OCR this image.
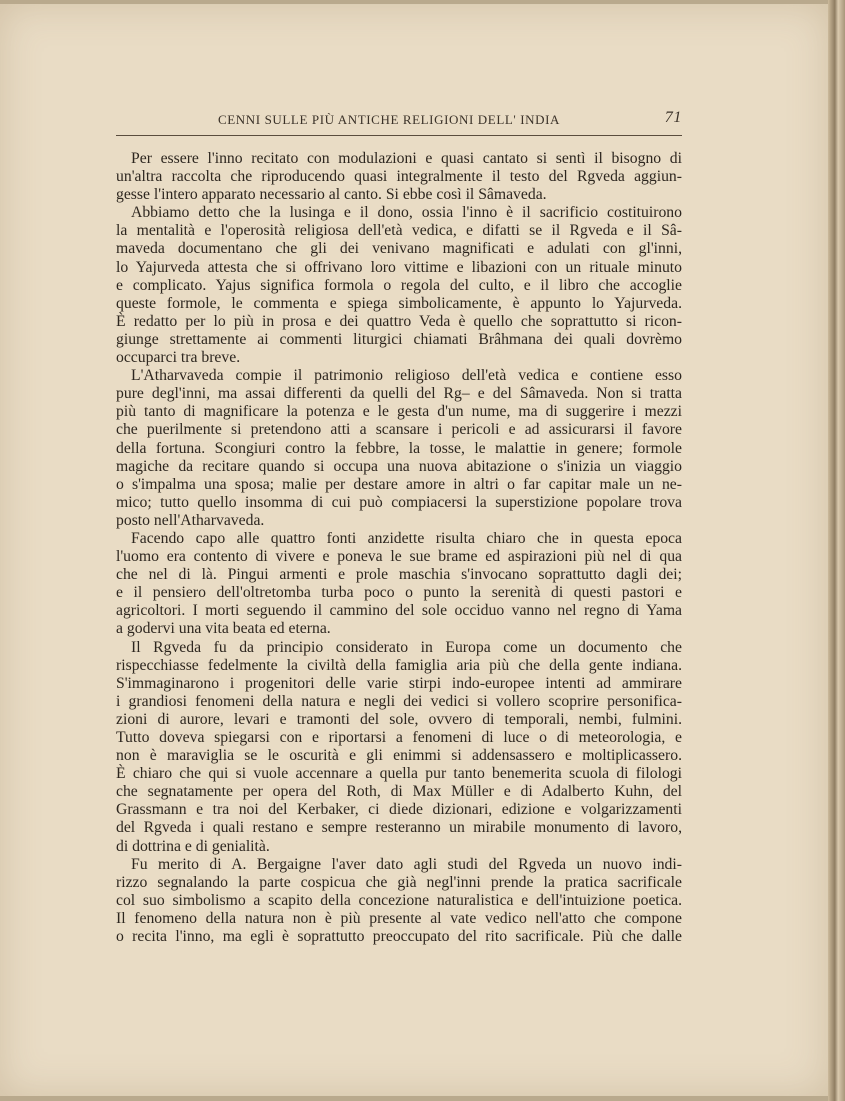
CENNI SULLE PIÙ ANTICHE RELIGIONI DELL' INDIA	71
Per essere l'inno recitato con modulazioni e quasi cantato si sentì il bisogno di
un'altra raccolta che riproducendo quasi integralmente il testo del Rgveda aggiun-
gesse l'intero apparato necessario al canto. Si ebbe così il Sâmaveda.
Abbiamo detto che la lusinga e il dono, ossia l'inno è il sacrificio costituirono
la mentalità e l'operosità religiosa dell'età vedica, e difatti se il Rgveda e il Sâ-
maveda documentano che gli dei venivano magnificati e adulati con gl'inni,
lo Yajurveda attesta che si offrivano loro vittime e libazioni con un rituale minuto
e complicato. Yajus significa formola o regola del culto, e il libro che accoglie
queste formole, le commenta e spiega simbolicamente, è appunto lo Yajurveda.
È redatto per lo più in prosa e dei quattro Veda è quello che soprattutto si ricon-
giunge strettamente ai commenti liturgici chiamati Brâhmana dei quali dovrèmo
occuparci tra breve.
L'Atharvaveda compie il patrimonio religioso dell'età vedica e contiene esso
pure degl'inni, ma assai differenti da quelli del Rg– e del Sâmaveda. Non si tratta
più tanto di magnificare la potenza e le gesta d'un nume, ma di suggerire i mezzi
che puerilmente si pretendono atti a scansare i pericoli e ad assicurarsi il favore
della fortuna. Scongiuri contro la febbre, la tosse, le malattie in genere; formole
magiche da recitare quando si occupa una nuova abitazione o s'inizia un viaggio
o s'impalma una sposa; malie per destare amore in altri o far capitar male un ne-
mico; tutto quello insomma di cui può compiacersi la superstizione popolare trova
posto nell'Atharvaveda.
Facendo capo alle quattro fonti anzidette risulta chiaro che in questa epoca
l'uomo era contento di vivere e poneva le sue brame ed aspirazioni più nel di qua
che nel di là. Pingui armenti e prole maschia s'invocano soprattutto dagli dei;
e il pensiero dell'oltretomba turba poco o punto la serenità di questi pastori e
agricoltori. I morti seguendo il cammino del sole occiduo vanno nel regno di Yama
a godervi una vita beata ed eterna.
Il Rgveda fu da principio considerato in Europa come un documento che
rispecchiasse fedelmente la civiltà della famiglia aria più che della gente indiana.
S'immaginarono i progenitori delle varie stirpi indo-europee intenti ad ammirare
i grandiosi fenomeni della natura e negli dei vedici si vollero scoprire personifica-
zioni di aurore, levari e tramonti del sole, ovvero di temporali, nembi, fulmini.
Tutto doveva spiegarsi con e riportarsi a fenomeni di luce o di meteorologia, e
non è maraviglia se le oscurità e gli enimmi si addensassero e moltiplicassero.
È chiaro che qui si vuole accennare a quella pur tanto benemerita scuola di filologi
che segnatamente per opera del Roth, di Max Müller e di Adalberto Kuhn, del
Grassmann e tra noi del Kerbaker, ci diede dizionari, edizione e volgarizzamenti
del Rgveda i quali restano e sempre resteranno un mirabile monumento di lavoro,
di dottrina e di genialità.
Fu merito di A. Bergaigne l'aver dato agli studi del Rgveda un nuovo indi-
rizzo segnalando la parte cospicua che già negl'inni prende la pratica sacrificale
col suo simbolismo a scapito della concezione naturalistica e dell'intuizione poetica.
Il fenomeno della natura non è più presente al vate vedico nell'atto che compone
o recita l'inno, ma egli è soprattutto preoccupato del rito sacrificale. Più che dalle
